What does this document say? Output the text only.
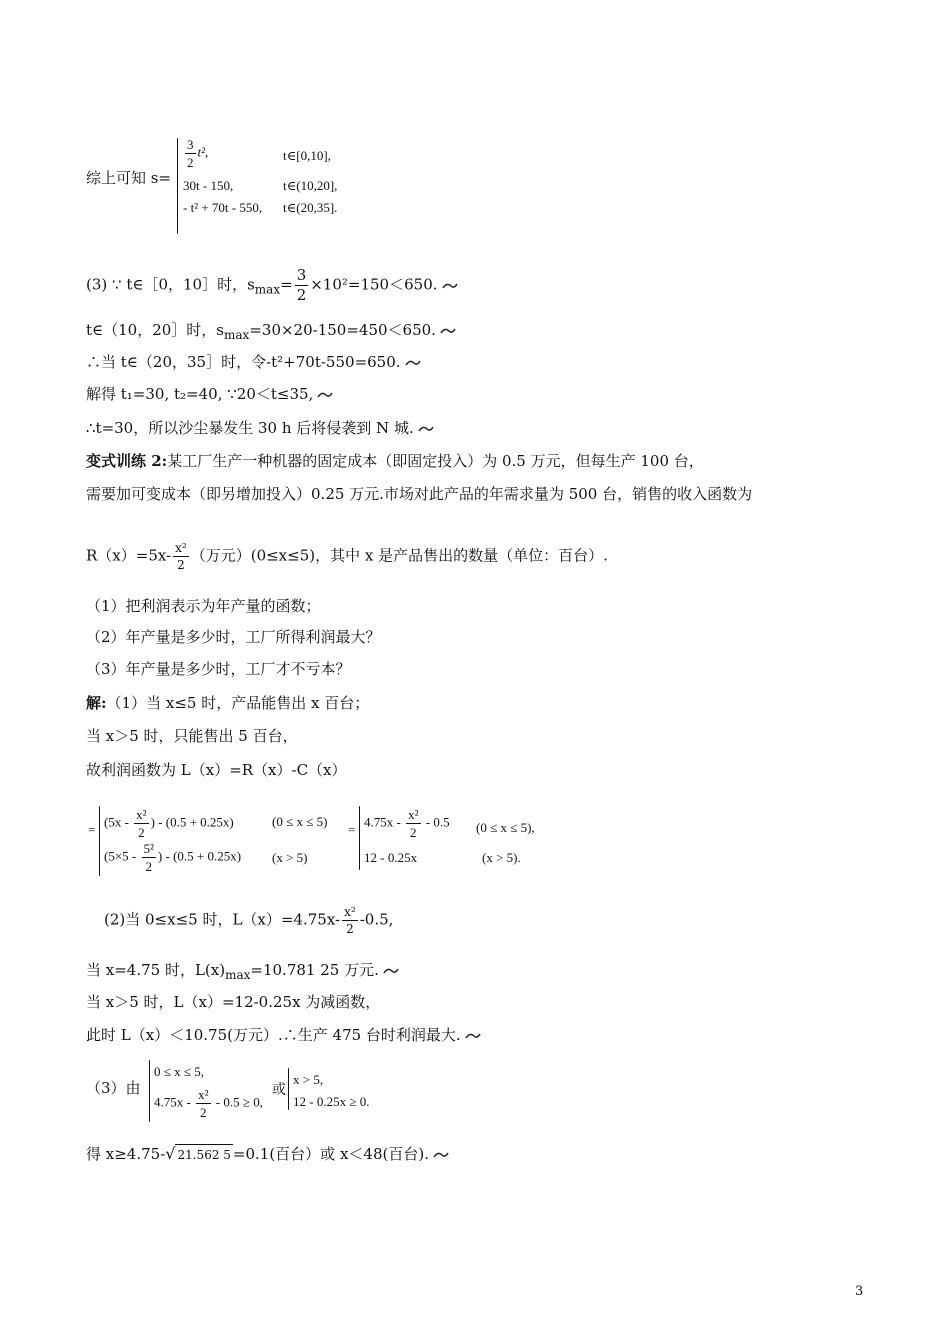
综上可知 s=
$\frac{3}{2} t^2$,	t∈[0,10],
30t - 150,	t∈(10,20],
- t² + 70t - 550, t∈(20,35].
(3) ∵ t∈［0，10］时，$s_{max}= \frac{3}{2} \times 10^2=150<650$.
t∈（10，20］时，$s_{max}=30\times 20-150=450<650$.
∴当 t∈（20，35］时，令-t²+70t-550=650.
解得 t₁=30, t₂=40, ∵20＜t≤35,
∴t=30，所以沙尘暴发生 30 h 后将侵袭到 N 城.
变式训练 2:某工厂生产一种机器的固定成本（即固定投入）为 0.5 万元，但每生产 100 台，
需要加可变成本（即另增加投入）0.25 万元.市场对此产品的年需求量为 500 台，销售的收入函数为
$R(x)=5x- \frac{\text{x²}}{2}$ （万元）(0≤x≤5)，其中 x 是产品售出的数量（单位：百台）.
（1）把利润表示为年产量的函数；
（2）年产量是多少时，工厂所得利润最大？
（3）年产量是多少时，工厂才不亏本？
解:（1）当 x≤5 时，产品能售出 x 百台；
当 x＞5 时，只能售出 5 百台，
故利润函数为 L（x）=R（x）-C（x）
=
($5x - \frac{\text{x²}}{2}$ ) - (0.5 + 0.25x)	(0 ≤ x ≤ 5)
($5\times 5 - \frac{\text{5²}}{2}$ ) - (0.5 + 0.25x) (x > 5)
=
$4.75x - \frac{\text{x²}}{2} - 0.5$ (0 ≤ x ≤ 5),
12 - 0.25x	(x > 5).
(2)当 0≤x≤5 时，$L(x)=4.75x- \frac{\text{x²}}{2} -0.5$,
当 x=4.75 时，$L(x)_{max}=10.781$ 25 万元.
当 x＞5 时，L（x）=12-0.25x 为减函数，
此时 L（x）＜10.75(万元）.∴生产 475 台时利润最大.
（3）由
0 ≤ x ≤ 5,
$4.75x - \frac{\text{x²}}{2} - 0.5 \ge 0$,
或
x > 5,
12 - 0.25x ≥ 0.
得 x≥4.75-√ 21.562 5 =0.1(百台）或 x＜48(百台).
3
